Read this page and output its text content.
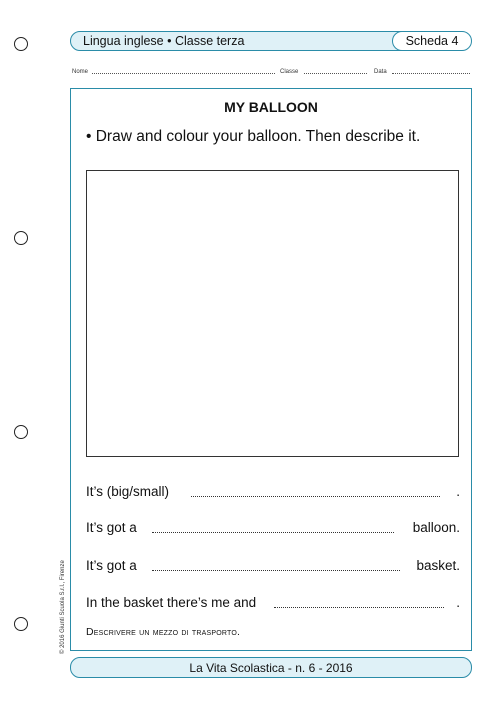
Lingua inglese • Classe terza	Scheda 4
Nome	Classe	Data
© 2016 Giunti Scuola S.r.l., Firenze
MY BALLOON
• Draw and colour your balloon. Then describe it.
It’s (big/small)	.
It’s got a	balloon.
It’s got a	basket.
In the basket there’s me and	.
Descrivere un mezzo di trasporto.
La Vita Scolastica - n. 6 - 2016
